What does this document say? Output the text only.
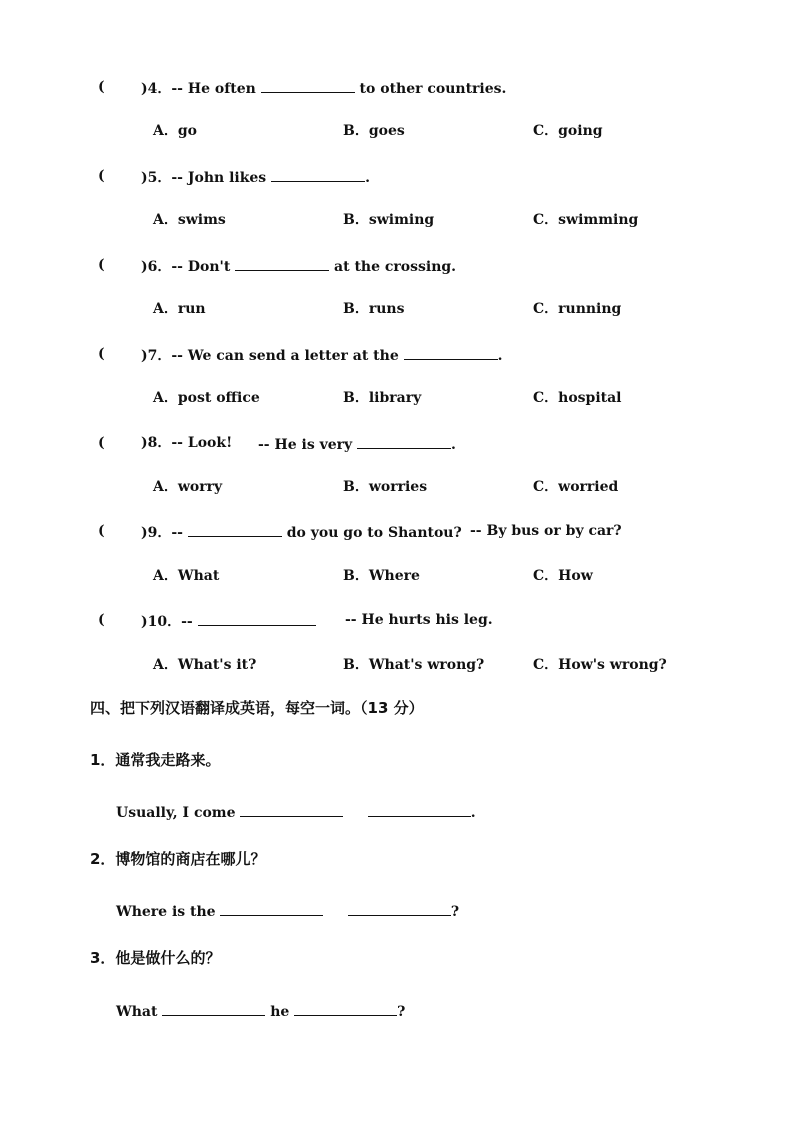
(	)4．-- He often	to other countries.
A．go	B．goes	C．going
(	)5．-- John likes	.
A．swims	B．swiming	C．swimming
(	)6．-- Don't	at the crossing.
A．run	B．runs	C．running
(	)7．-- We can send a letter at the	.
A．post office	B．library	C．hospital
(	)8．-- Look! -- He is very	.
A．worry	B．worries	C．worried
(	)9．--	do you go to Shantou? -- By bus or by car?
A．What	B．Where	C．How
(	)10．--	-- He hurts his leg.
A．What's it?	B．What's wrong?	C．How's wrong?
四、把下列汉语翻译成英语，每空一词。（13 分）
1．通常我走路来。
Usually, I come	.
2．博物馆的商店在哪儿？
Where is the	?
3．他是做什么的？
What	he	?
